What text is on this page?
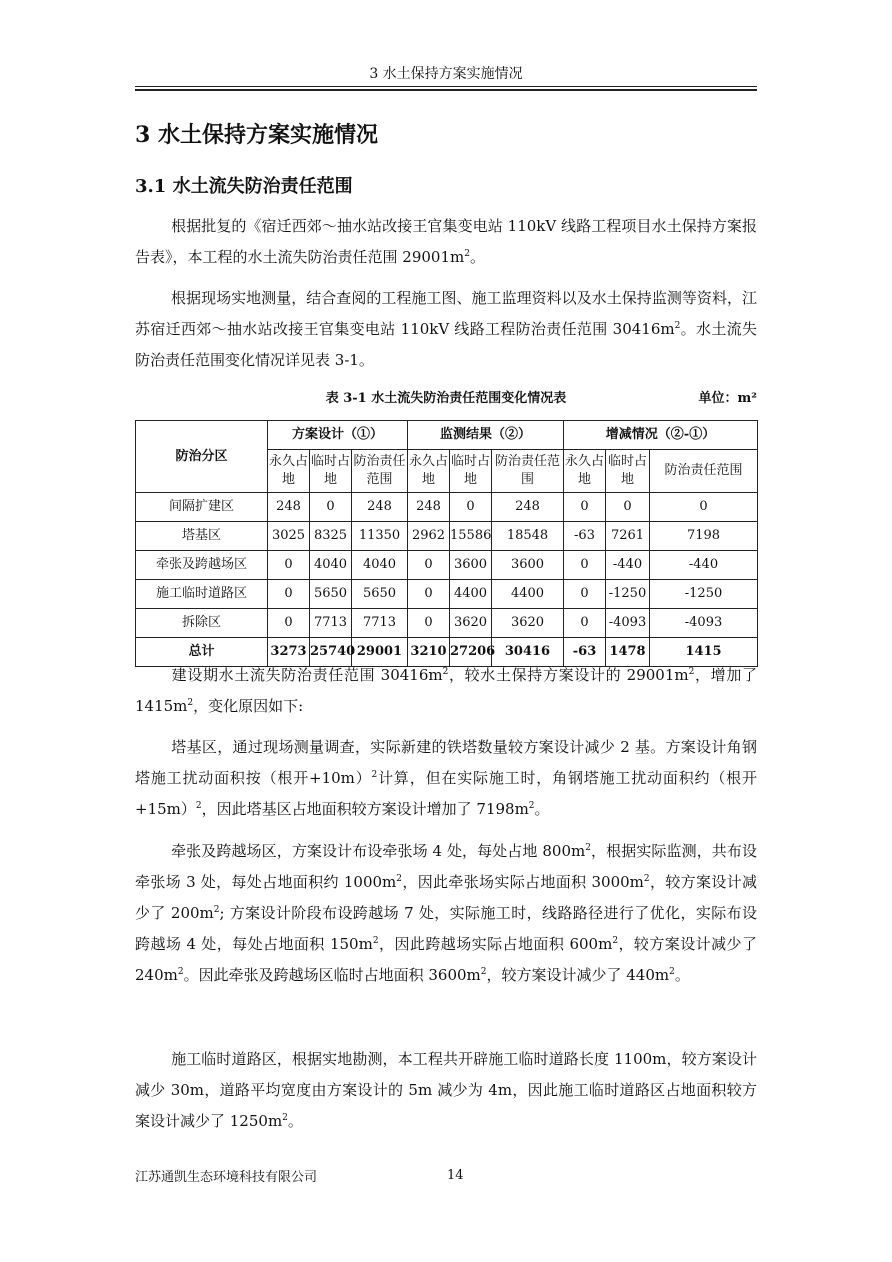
3 水土保持方案实施情况
3 水土保持方案实施情况
3.1 水土流失防治责任范围

根据批复的《宿迁西郊～抽水站改接王官集变电站 110kV 线路工程项目水土保持方案报告表》，本工程的水土流失防治责任范围 $29001m^2$。

根据现场实地测量，结合查阅的工程施工图、施工监理资料以及水土保持监测等资料，江苏宿迁西郊～抽水站改接王官集变电站 110kV 线路工程防治责任范围 $30416m^2$。水土流失防治责任范围变化情况详见表 3-1。

表 3-1 水土流失防治责任范围变化情况表	单位：m²
防治分区	方案设计（①）			监测结果（②）			增减情况（②-①）		
	永久占地	临时占地	防治责任范围	永久占地	临时占地	防治责任范围	永久占地	临时占地	防治责任范围
间隔扩建区	248	0	248	248	0	248	0	0	0
塔基区	3025	8325	11350	2962	15586	18548	-63	7261	7198
牵张及跨越场区	0	4040	4040	0	3600	3600	0	-440	-440
施工临时道路区	0	5650	5650	0	4400	4400	0	-1250	-1250
拆除区	0	7713	7713	0	3620	3620	0	-4093	-4093
总计	3273	25740	29001	3210	27206	30416	-63	1478	1415

建设期水土流失防治责任范围 $30416m^2$，较水土保持方案设计的 $29001m^2$，增加了 $1415m^2$，变化原因如下:

塔基区，通过现场测量调查，实际新建的铁塔数量较方案设计减少 2 基。方案设计角钢塔施工扰动面积按（根开+10m）$^2$计算，但在实际施工时，角钢塔施工扰动面积约（根开+15m）$^2$，因此塔基区占地面积较方案设计增加了 $7198m^2$。

牵张及跨越场区，方案设计布设牵张场 4 处，每处占地 $800m^2$，根据实际监测，共布设牵张场 3 处，每处占地面积约 $1000m^2$，因此牵张场实际占地面积 $3000m^2$，较方案设计减少了 $200m^2$; 方案设计阶段布设跨越场 7 处，实际施工时，线路路径进行了优化，实际布设跨越场 4 处，每处占地面积 $150m^2$，因此跨越场实际占地面积 $600m^2$，较方案设计减少了 $240m^2$。因此牵张及跨越场区临时占地面积 $3600m^2$，较方案设计减少了 $440m^2$。

施工临时道路区，根据实地勘测，本工程共开辟施工临时道路长度 1100m，较方案设计减少 30m，道路平均宽度由方案设计的 5m 减少为 4m，因此施工临时道路区占地面积较方案设计减少了 $1250m^2$。

江苏通凯生态环境科技有限公司	14
